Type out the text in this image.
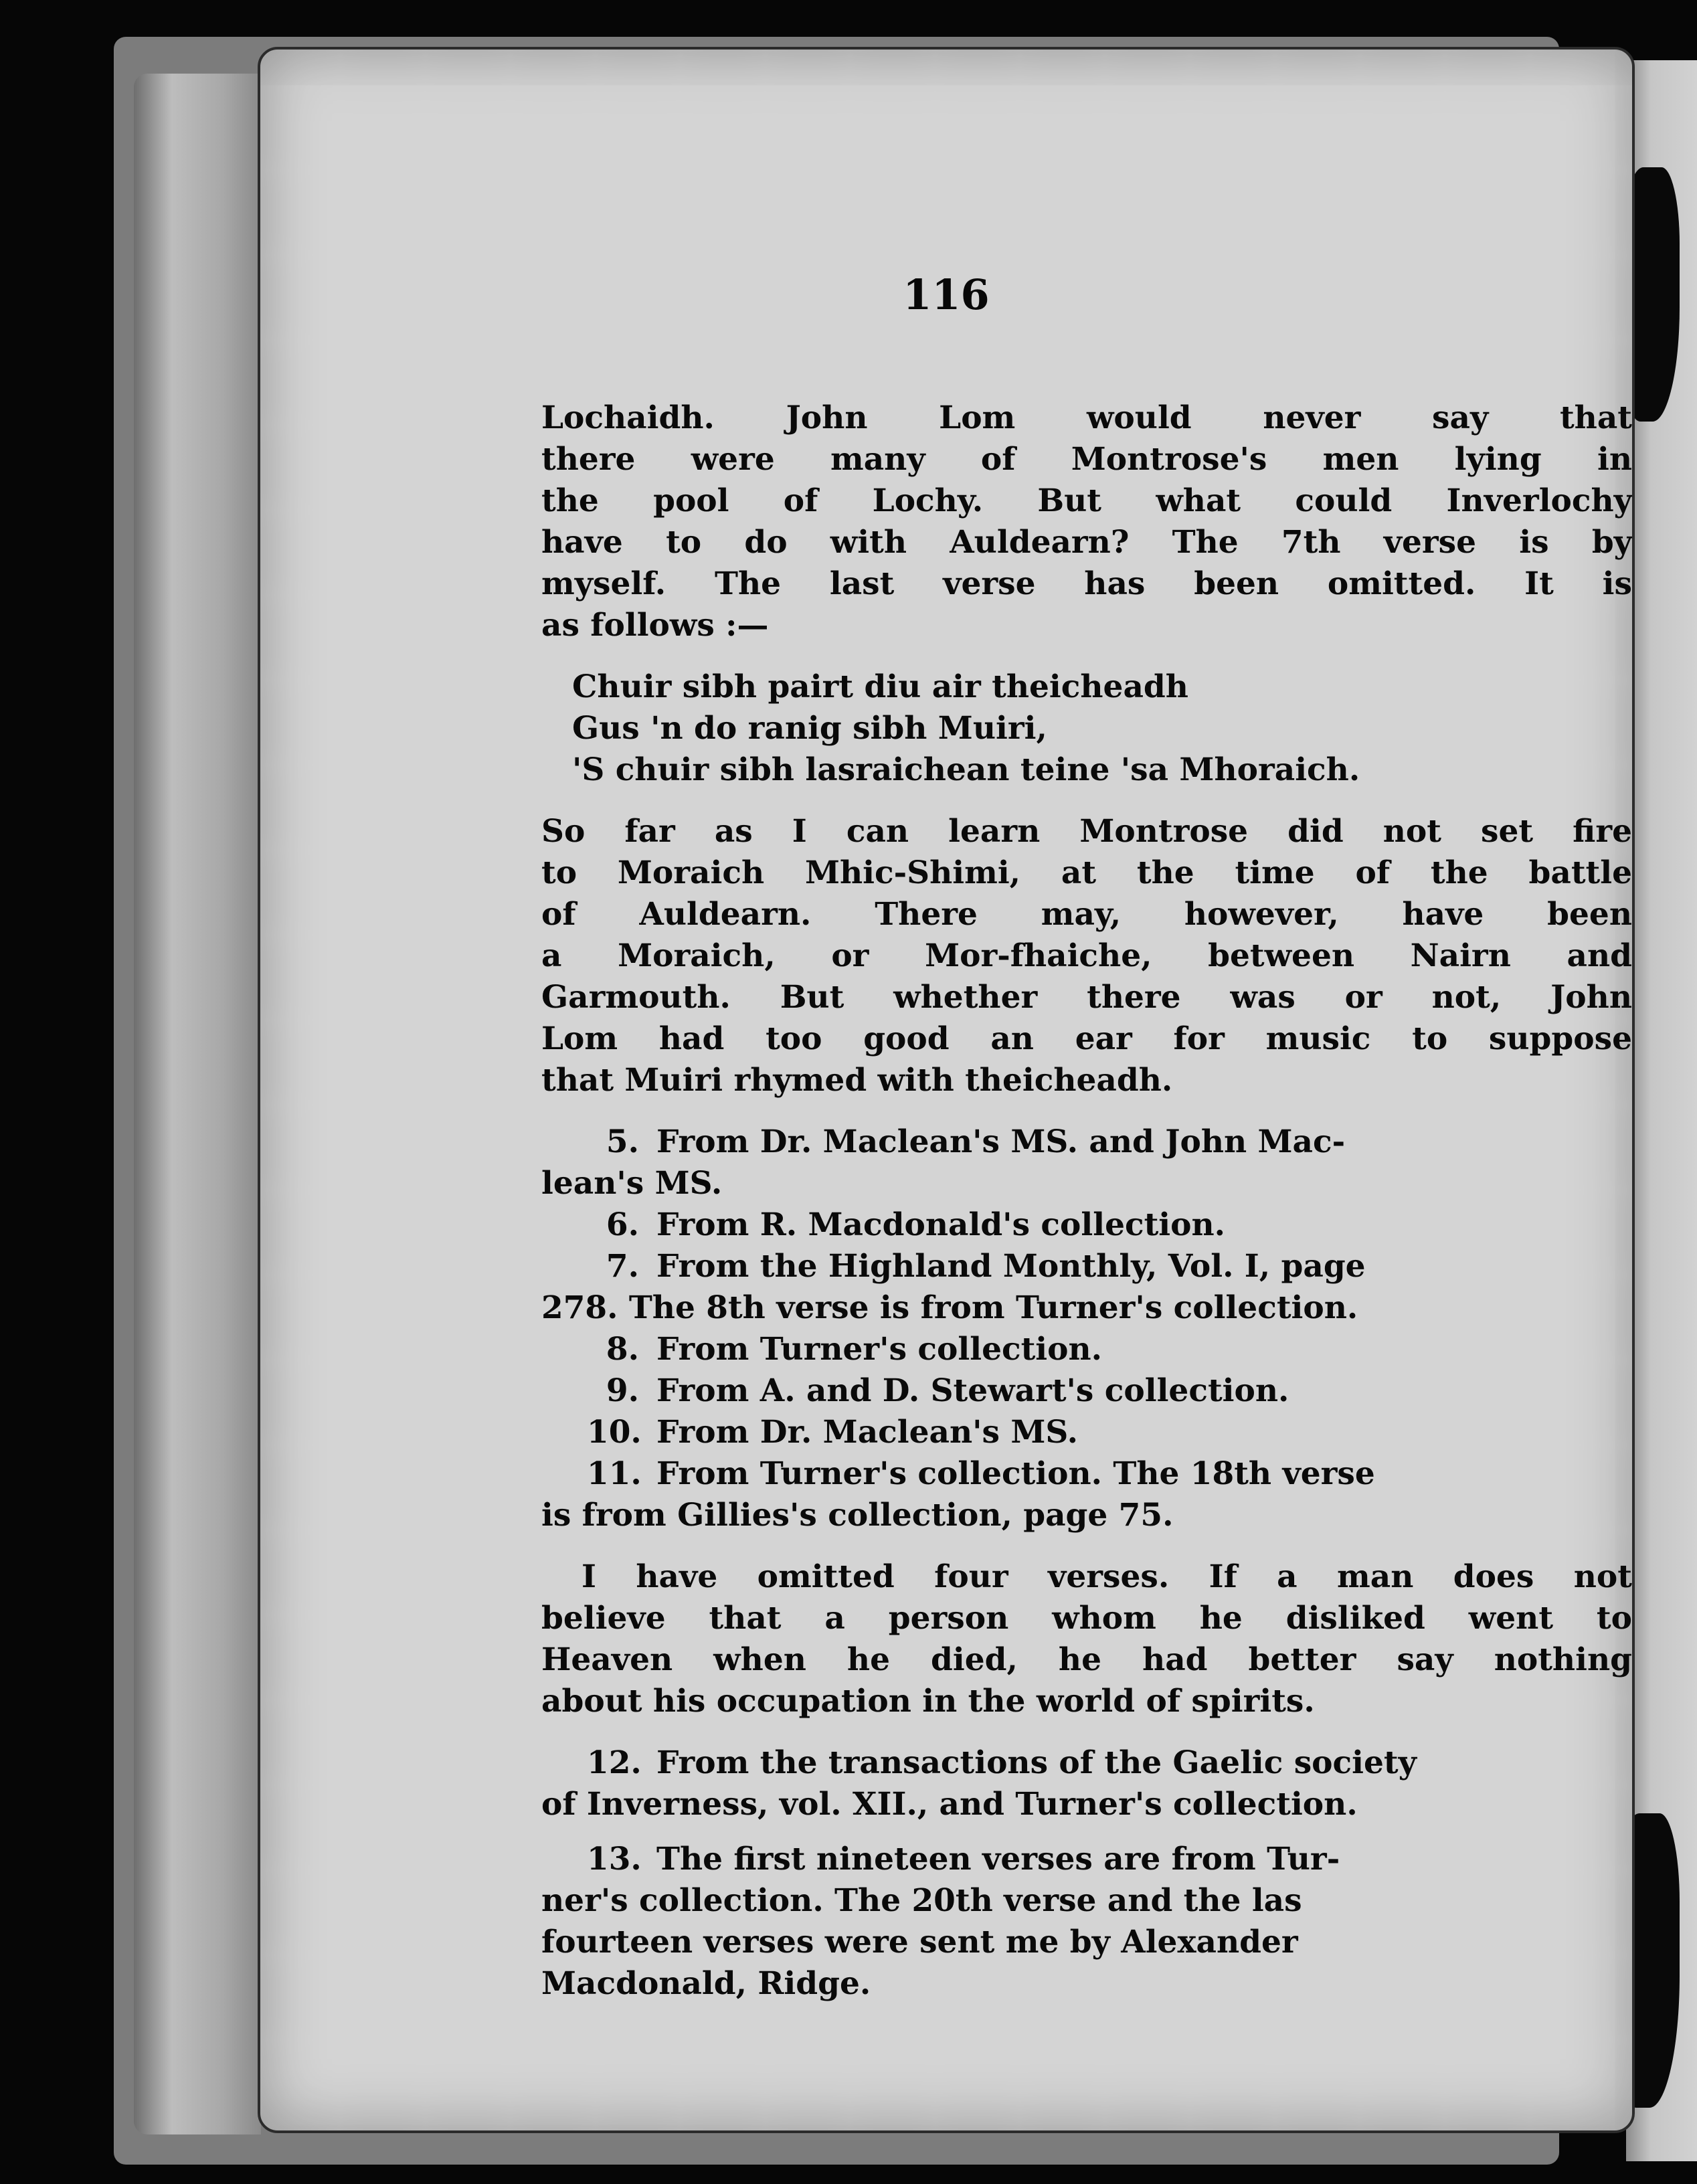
116
Lochaidh. John Lom would never say that
there were many of Montrose's men lying in
the pool of Lochy. But what could Inverlochy
have to do with Auldearn? The 7th verse is by
myself. The last verse has been omitted. It is
as follows :—
Chuir sibh pairt diu air theicheadh
Gus 'n do ranig sibh Muiri,
'S chuir sibh lasraichean teine 'sa Mhoraich.
So far as I can learn Montrose did not set fire
to Moraich Mhic-Shimi, at the time of the battle
of Auldearn. There may, however, have been
a Moraich, or Mor-fhaiche, between Nairn and
Garmouth. But whether there was or not, John
Lom had too good an ear for music to suppose
that Muiri rhymed with theicheadh.
5. From Dr. Maclean's MS. and John Mac-
lean's MS.
6. From R. Macdonald's collection.
7. From the Highland Monthly, Vol. I, page
278. The 8th verse is from Turner's collection.
8. From Turner's collection.
9. From A. and D. Stewart's collection.
10. From Dr. Maclean's MS.
11. From Turner's collection. The 18th verse
is from Gillies's collection, page 75.
I have omitted four verses. If a man does not
believe that a person whom he disliked went to
Heaven when he died, he had better say nothing
about his occupation in the world of spirits.
12. From the transactions of the Gaelic society
of Inverness, vol. XII., and Turner's collection.
13. The first nineteen verses are from Tur-
ner's collection. The 20th verse and the las
fourteen verses were sent me by Alexander
Macdonald, Ridge.
